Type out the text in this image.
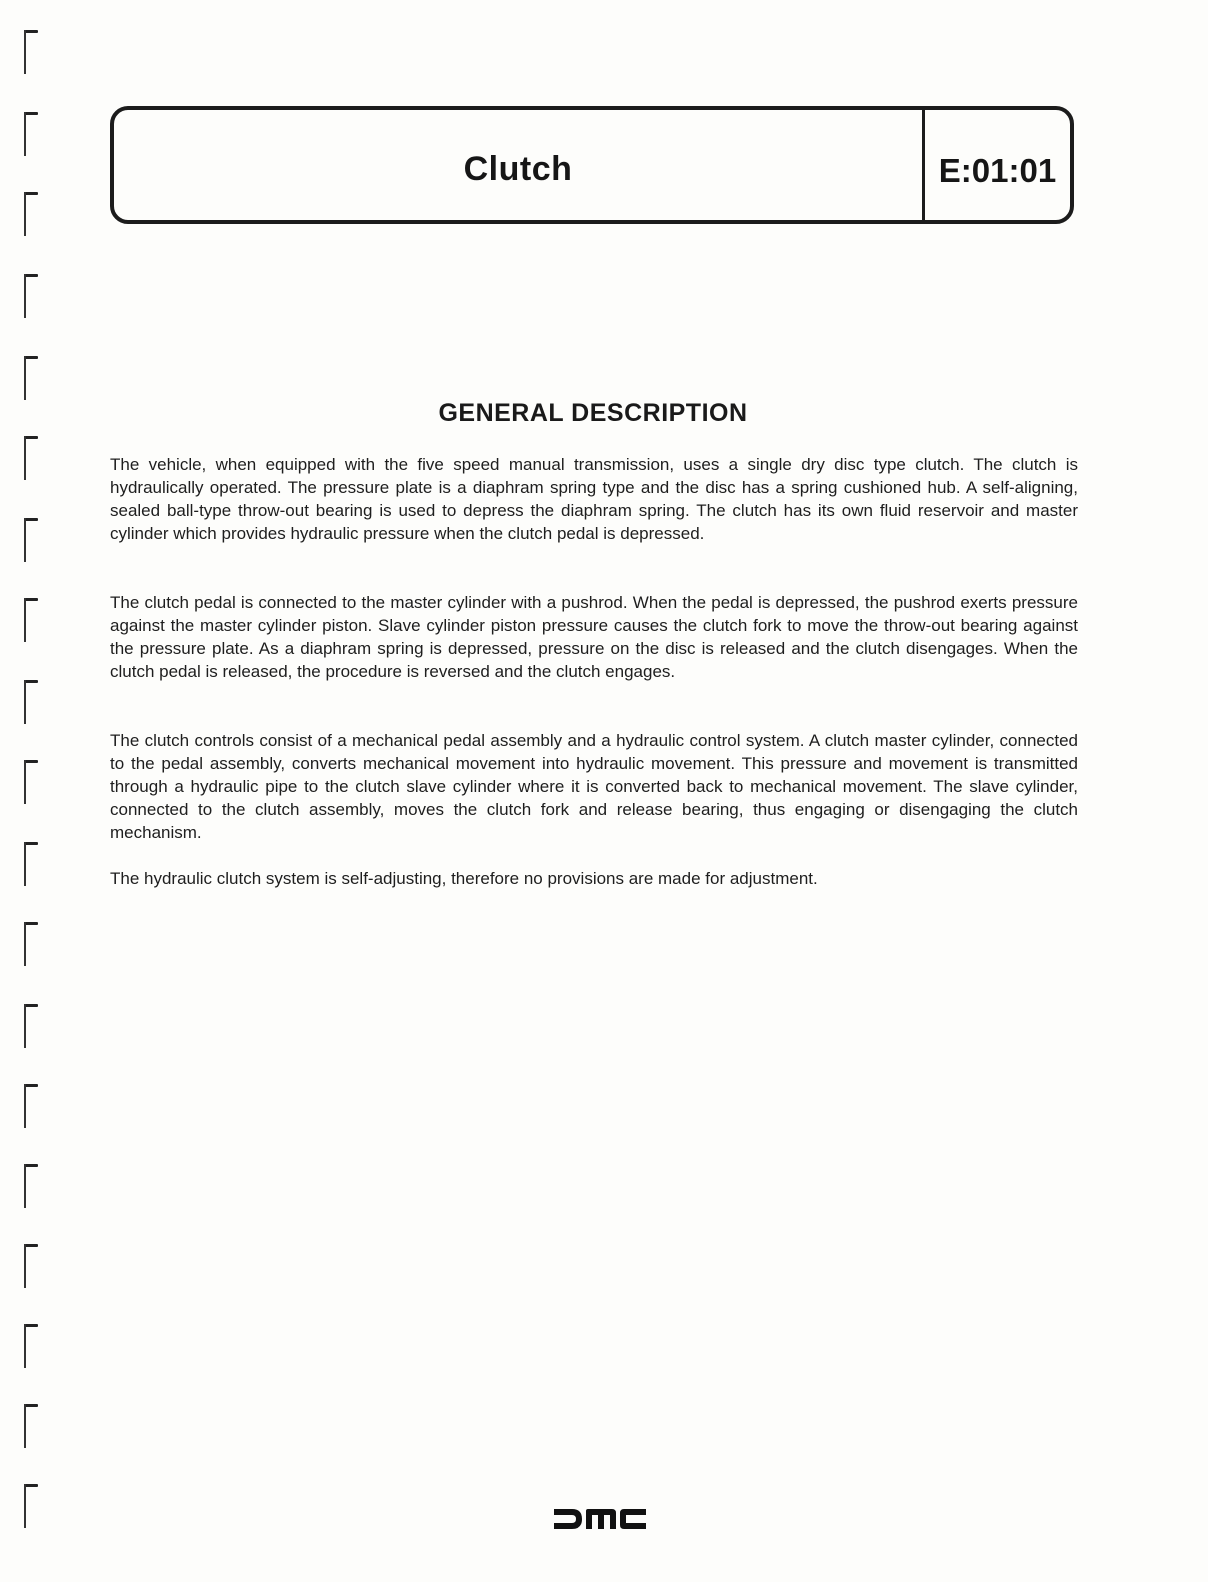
Clutch	E:01:01
GENERAL DESCRIPTION

The vehicle, when equipped with the five speed manual transmission, uses a single dry disc type clutch. The clutch is hydraulically operated. The pressure plate is a diaphram spring type and the disc has a spring cushioned hub. A self-aligning, sealed ball-type throw-out bearing is used to depress the diaphram spring. The clutch has its own fluid reservoir and master cylinder which provides hydraulic pressure when the clutch pedal is depressed.

The clutch pedal is connected to the master cylinder with a pushrod. When the pedal is depressed, the pushrod exerts pressure against the master cylinder piston. Slave cylinder piston pressure causes the clutch fork to move the throw-out bearing against the pressure plate. As a diaphram spring is depressed, pressure on the disc is released and the clutch disengages. When the clutch pedal is released, the procedure is reversed and the clutch engages.

The clutch controls consist of a mechanical pedal assembly and a hydraulic control system. A clutch master cylinder, connected to the pedal assembly, converts mechanical movement into hydraulic movement. This pressure and movement is transmitted through a hydraulic pipe to the clutch slave cylinder where it is converted back to mechanical movement. The slave cylinder, connected to the clutch assembly, moves the clutch fork and release bearing, thus engaging or disengaging the clutch mechanism.

The hydraulic clutch system is self-adjusting, therefore no provisions are made for adjustment.
